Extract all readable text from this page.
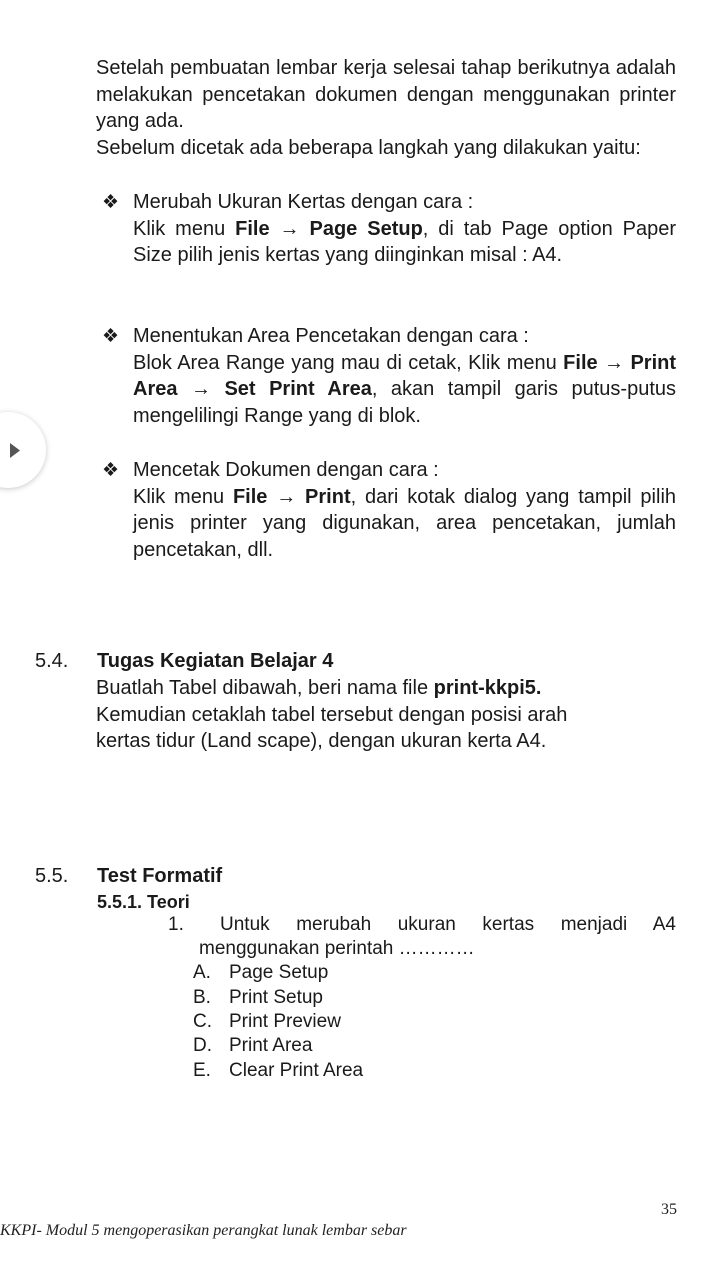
Setelah pembuatan lembar kerja selesai tahap berikutnya adalah melakukan pencetakan dokumen dengan menggunakan printer yang ada.

Sebelum dicetak ada beberapa langkah yang dilakukan yaitu:

❖ Merubah Ukuran Kertas dengan cara :

Klik menu File → Page Setup, di tab Page option Paper Size pilih jenis kertas yang diinginkan misal : A4.

❖ Menentukan Area Pencetakan dengan cara :

Blok Area Range yang mau di cetak, Klik menu File → Print Area → Set Print Area, akan tampil garis putus-putus mengelilingi Range yang di blok.

❖ Mencetak Dokumen dengan cara :

Klik menu File → Print, dari kotak dialog yang tampil pilih jenis printer yang digunakan, area pencetakan, jumlah pencetakan, dll.

5.4. Tugas Kegiatan Belajar 4

Buatlah Tabel dibawah, beri nama file print-kkpi5.

Kemudian cetaklah tabel tersebut dengan posisi arah

kertas tidur (Land scape), dengan ukuran kerta A4.

5.5. Test Formatif
5.5.1. Teori
1.	Untuk merubah ukuran kertas menjadi A4 menggunakan perintah …………
A. Page Setup
B. Print Setup
C. Print Preview
D. Print Area
E. Clear Print Area
35
KKPI- Modul 5 mengoperasikan perangkat lunak lembar sebar
